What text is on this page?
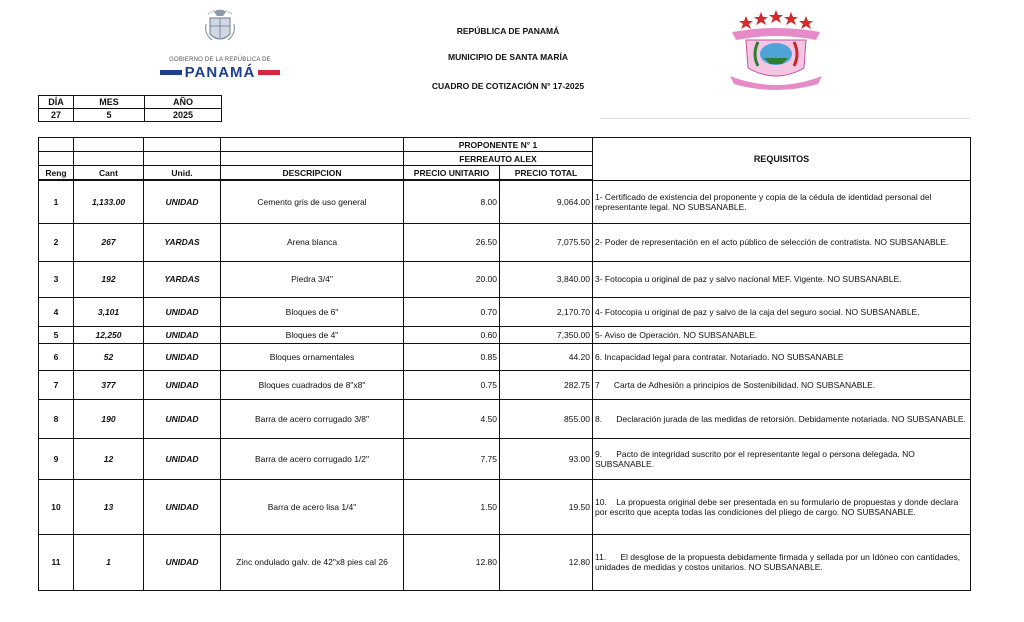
GOBIERNO DE LA REPÚBLICA DE
PANAMÁ
REPÚBLICA DE PANAMÁ
MUNICIPIO DE SANTA MARÍA
CUADRO DE COTIZACIÓN N° 17-2025
DÍA	MES	AÑO
27	5	2025
				PROPONENTE N° 1		REQUISITOS
				FERREAUTO ALEX		
Reng	Cant	Unid.	DESCRIPCION	PRECIO UNITARIO	PRECIO TOTAL	
1	1,133.00	UNIDAD	Cemento gris de uso general	8.00	9,064.00	1- Certificado de existencia del proponente y copia de la cédula de identidad personal del representante legal. NO SUBSANABLE.
2	267	YARDAS	Arena blanca	26.50	7,075.50	2- Poder de representación en el acto público de selección de contratista. NO SUBSANABLE.
3	192	YARDAS	Piedra 3/4"	20.00	3,840.00	3- Fotocopia u original de paz y salvo nacional MEF. Vigente. NO SUBSANABLE.
4	3,101	UNIDAD	Bloques de 6"	0.70	2,170.70	4- Fotocopia u original de paz y salvo de la caja del seguro social. NO SUBSANABLE.
5	12,250	UNIDAD	Bloques de 4"	0.60	7,350.00	5- Aviso de Operación. NO SUBSANABLE.
6	52	UNIDAD	Bloques ornamentales	0.85	44.20	6. Incapacidad legal para contratar. Notariado. NO SUBSANABLE
7	377	UNIDAD	Bloques cuadrados de 8"x8"	0.75	282.75	7      Carta de Adhesión a principios de Sostenibilidad. NO SUBSANABLE.
8	190	UNIDAD	Barra de acero corrugado 3/8"	4.50	855.00	8.      Declaración jurada de las medidas de retorsión. Debidamente notariada. NO SUBSANABLE.
9	12	UNIDAD	Barra de acero corrugado 1/2"	7.75	93.00	9.      Pacto de integridad suscrito por el representante legal o persona delegada. NO SUBSANABLE.
10	13	UNIDAD	Barra de acero lisa 1/4"	1.50	19.50	10.    La propuesta original debe ser presentada en su formulario de propuestas y donde declara por escrito que acepta todas las condiciones del pliego de cargo. NO SUBSANABLE.
11	1	UNIDAD	Zinc ondulado galv. de 42"x8 pies cal 26	12.80	12.80	11.      El desglose de la propuesta debidamente firmada y sellada por un Idóneo con cantidades, unidades de medidas y costos unitarios. NO SUBSANABLE.
